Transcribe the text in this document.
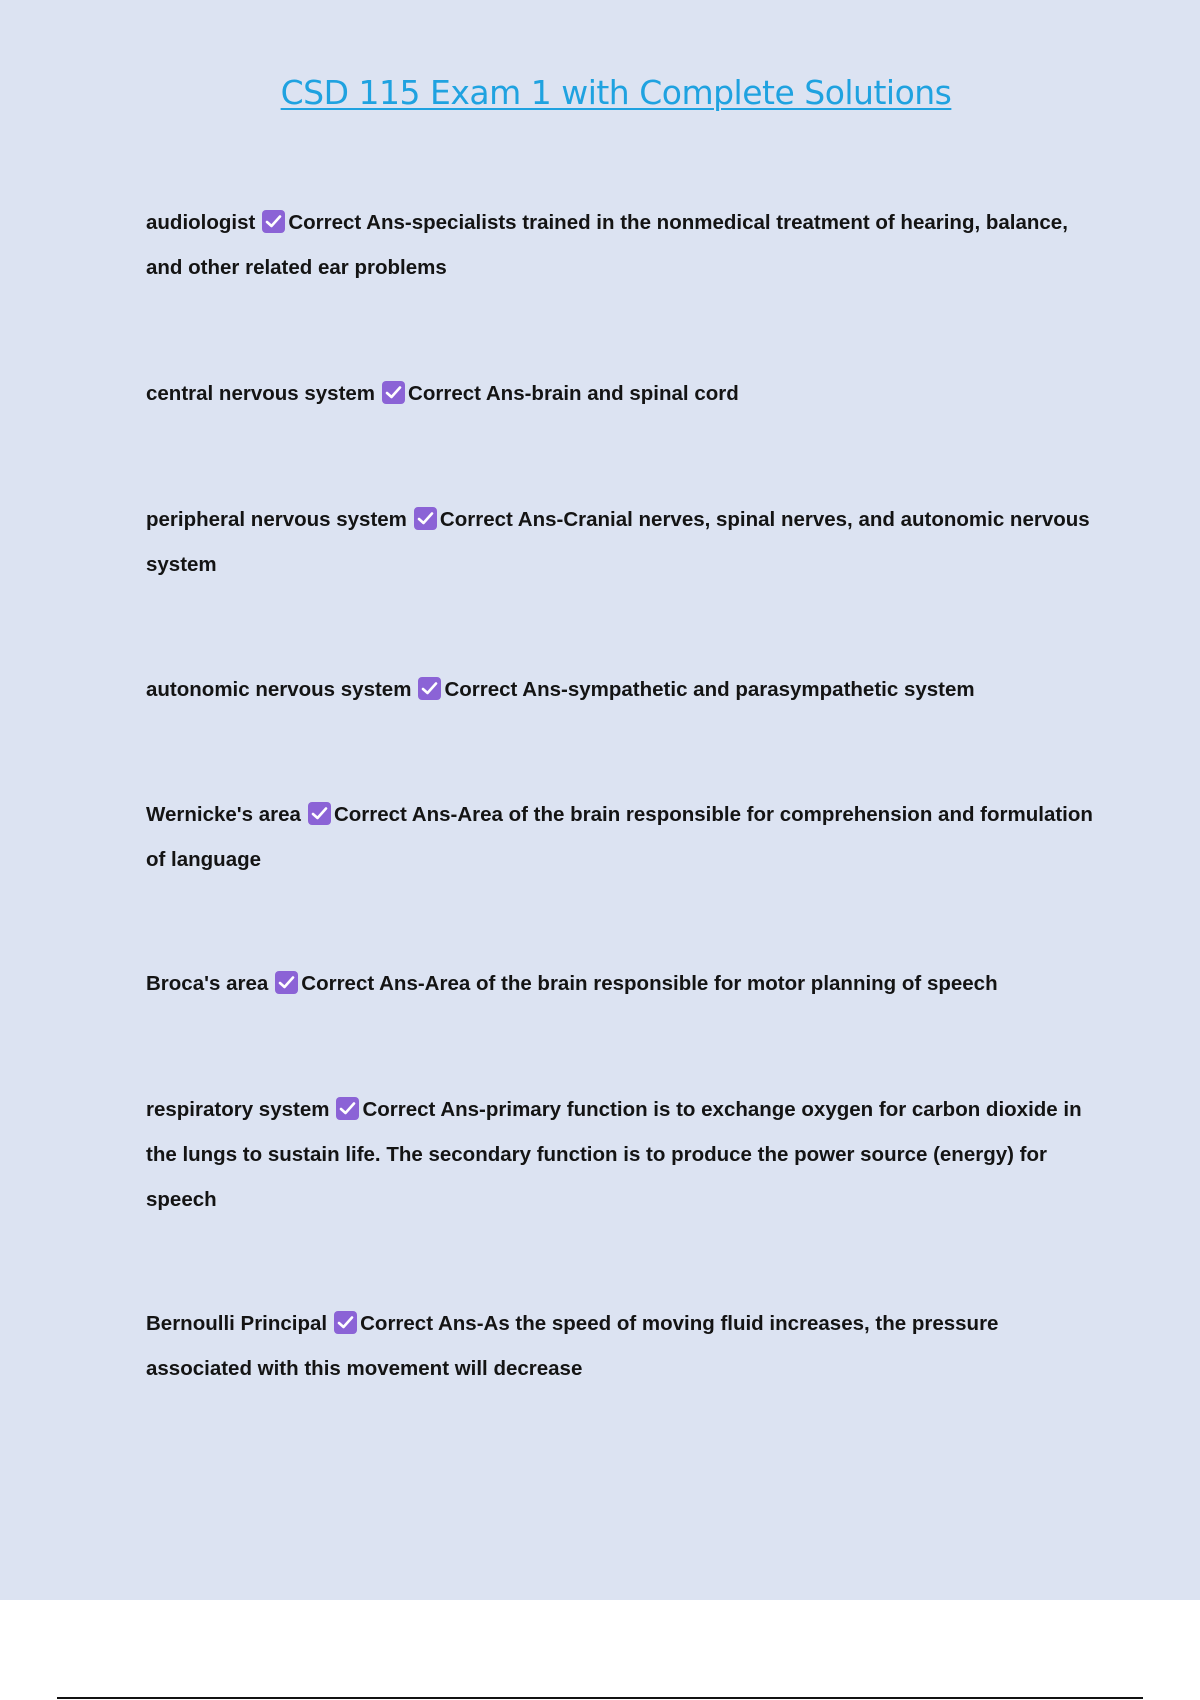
CSD 115 Exam 1 with Complete Solutions

audiologist Correct Ans-specialists trained in the nonmedical treatment of hearing, balance, and other related ear problems

central nervous system Correct Ans-brain and spinal cord

peripheral nervous system Correct Ans-Cranial nerves, spinal nerves, and autonomic nervous system

autonomic nervous system Correct Ans-sympathetic and parasympathetic system

Wernicke's area Correct Ans-Area of the brain responsible for comprehension and formulation of language

Broca's area Correct Ans-Area of the brain responsible for motor planning of speech

respiratory system Correct Ans-primary function is to exchange oxygen for carbon dioxide in the lungs to sustain life. The secondary function is to produce the power source (energy) for speech

Bernoulli Principal Correct Ans-As the speed of moving fluid increases, the pressure associated with this movement will decrease
